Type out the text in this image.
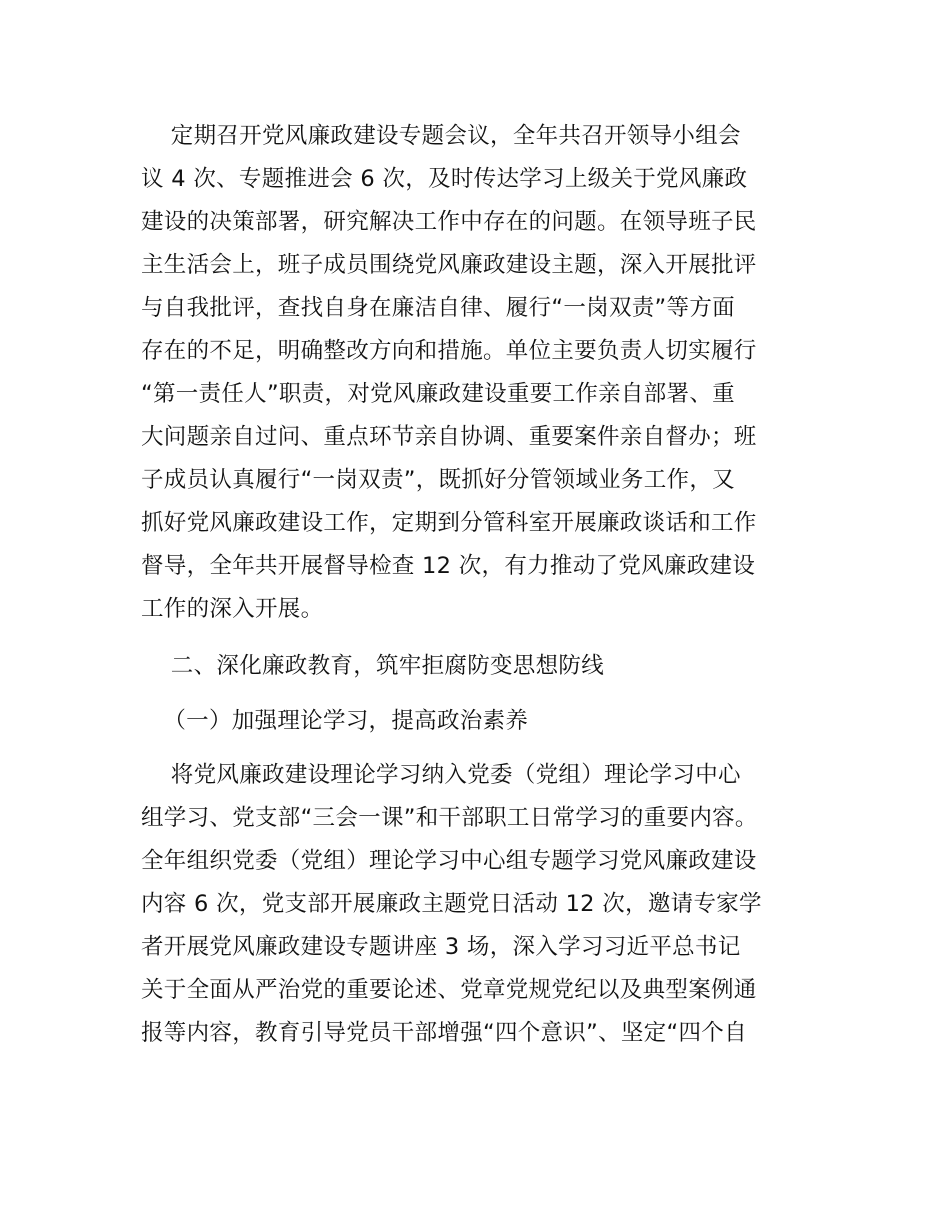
定期召开党风廉政建设专题会议，全年共召开领导小组会
议 4 次、专题推进会 6 次，及时传达学习上级关于党风廉政
建设的决策部署，研究解决工作中存在的问题。在领导班子民
主生活会上，班子成员围绕党风廉政建设主题，深入开展批评
与自我批评，查找自身在廉洁自律、履行“一岗双责”等方面
存在的不足，明确整改方向和措施。单位主要负责人切实履行
“第一责任人”职责，对党风廉政建设重要工作亲自部署、重
大问题亲自过问、重点环节亲自协调、重要案件亲自督办；班
子成员认真履行“一岗双责”，既抓好分管领域业务工作，又
抓好党风廉政建设工作，定期到分管科室开展廉政谈话和工作
督导，全年共开展督导检查 12 次，有力推动了党风廉政建设
工作的深入开展。
二、深化廉政教育，筑牢拒腐防变思想防线
（一）加强理论学习，提高政治素养
将党风廉政建设理论学习纳入党委（党组）理论学习中心
组学习、党支部“三会一课”和干部职工日常学习的重要内容。
全年组织党委（党组）理论学习中心组专题学习党风廉政建设
内容 6 次，党支部开展廉政主题党日活动 12 次，邀请专家学
者开展党风廉政建设专题讲座 3 场，深入学习习近平总书记
关于全面从严治党的重要论述、党章党规党纪以及典型案例通
报等内容，教育引导党员干部增强“四个意识”、坚定“四个自
